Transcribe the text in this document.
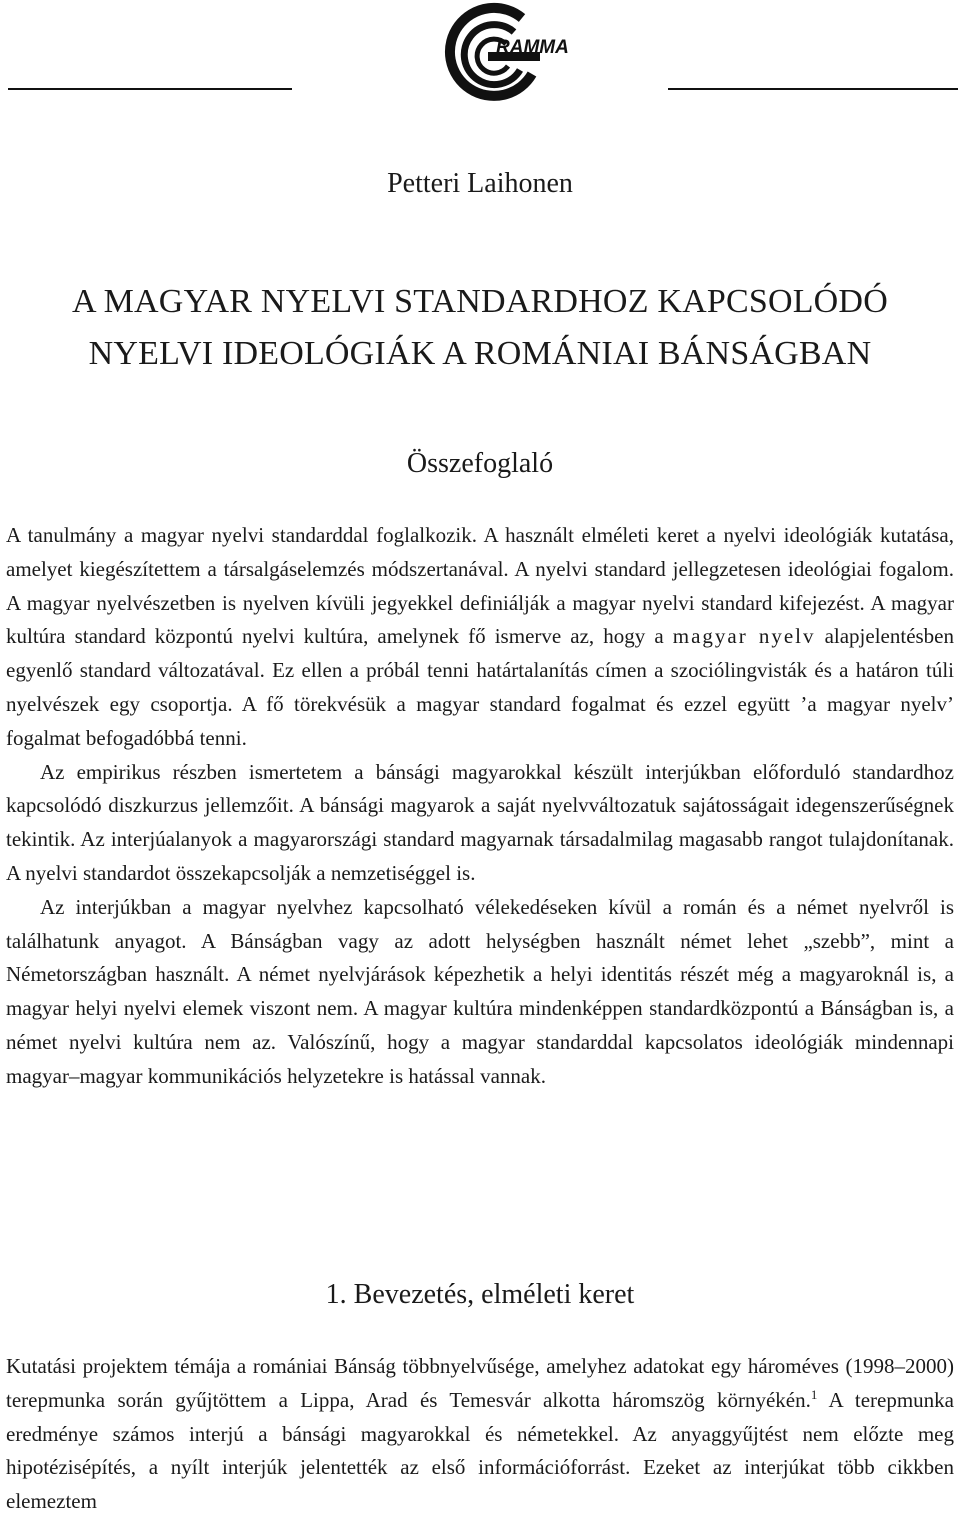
RAMMA
Petteri Laihonen
A MAGYAR NYELVI STANDARDHOZ KAPCSOLÓDÓ
NYELVI IDEOLÓGIÁK A ROMÁNIAI BÁNSÁGBAN
Összefoglaló

A tanulmány a magyar nyelvi standarddal foglalkozik. A használt elméleti keret a nyelvi ideológiák kutatása, amelyet kiegészítettem a társalgáselemzés módszertanával. A nyelvi standard jellegzetesen ideológiai fogalom. A magyar nyelvészetben is nyelven kívüli jegyekkel definiálják a magyar nyelvi standard kifejezést. A magyar kultúra standard központú nyelvi kultúra, amelynek fő ismerve az, hogy a magyar nyelv alapjelentésben egyenlő standard változatával. Ez ellen a próbál tenni határtalanítás címen a szociólingvisták és a határon túli nyelvészek egy csoportja. A fő törekvésük a magyar standard fogalmat és ezzel együtt ’a magyar nyelv’ fogalmat befogadóbbá tenni.

Az empirikus részben ismertetem a bánsági magyarokkal készült interjúkban előforduló standardhoz kapcsolódó diszkurzus jellemzőit. A bánsági magyarok a saját nyelvváltozatuk sajátosságait idegenszerűségnek tekintik. Az interjúalanyok a magyarországi standard magyarnak társadalmilag magasabb rangot tulajdonítanak. A nyelvi standardot összekapcsolják a nemzetiséggel is.

Az interjúkban a magyar nyelvhez kapcsolható vélekedéseken kívül a román és a német nyelvről is találhatunk anyagot. A Bánságban vagy az adott helységben használt német lehet „szebb”, mint a Németországban használt. A német nyelvjárások képezhetik a helyi identitás részét még a magyaroknál is, a magyar helyi nyelvi elemek viszont nem. A magyar kultúra mindenképpen standardközpontú a Bánságban is, a német nyelvi kultúra nem az. Valószínű, hogy a magyar standarddal kapcsolatos ideológiák mindennapi magyar–magyar kommunikációs helyzetekre is hatással vannak.

1. Bevezetés, elméleti keret

Kutatási projektem témája a romániai Bánság többnyelvűsége, amelyhez adatokat egy hároméves (1998–2000) terepmunka során gyűjtöttem a Lippa, Arad és Temesvár alkotta háromszög környékén.$^1$ A terepmunka eredménye számos interjú a bánsági magyarokkal és németekkel. Az anyaggyűjtést nem előzte meg hipotézisépítés, a nyílt interjúk jelentették az első információforrást. Ezeket az interjúkat több cikkben elemeztem
